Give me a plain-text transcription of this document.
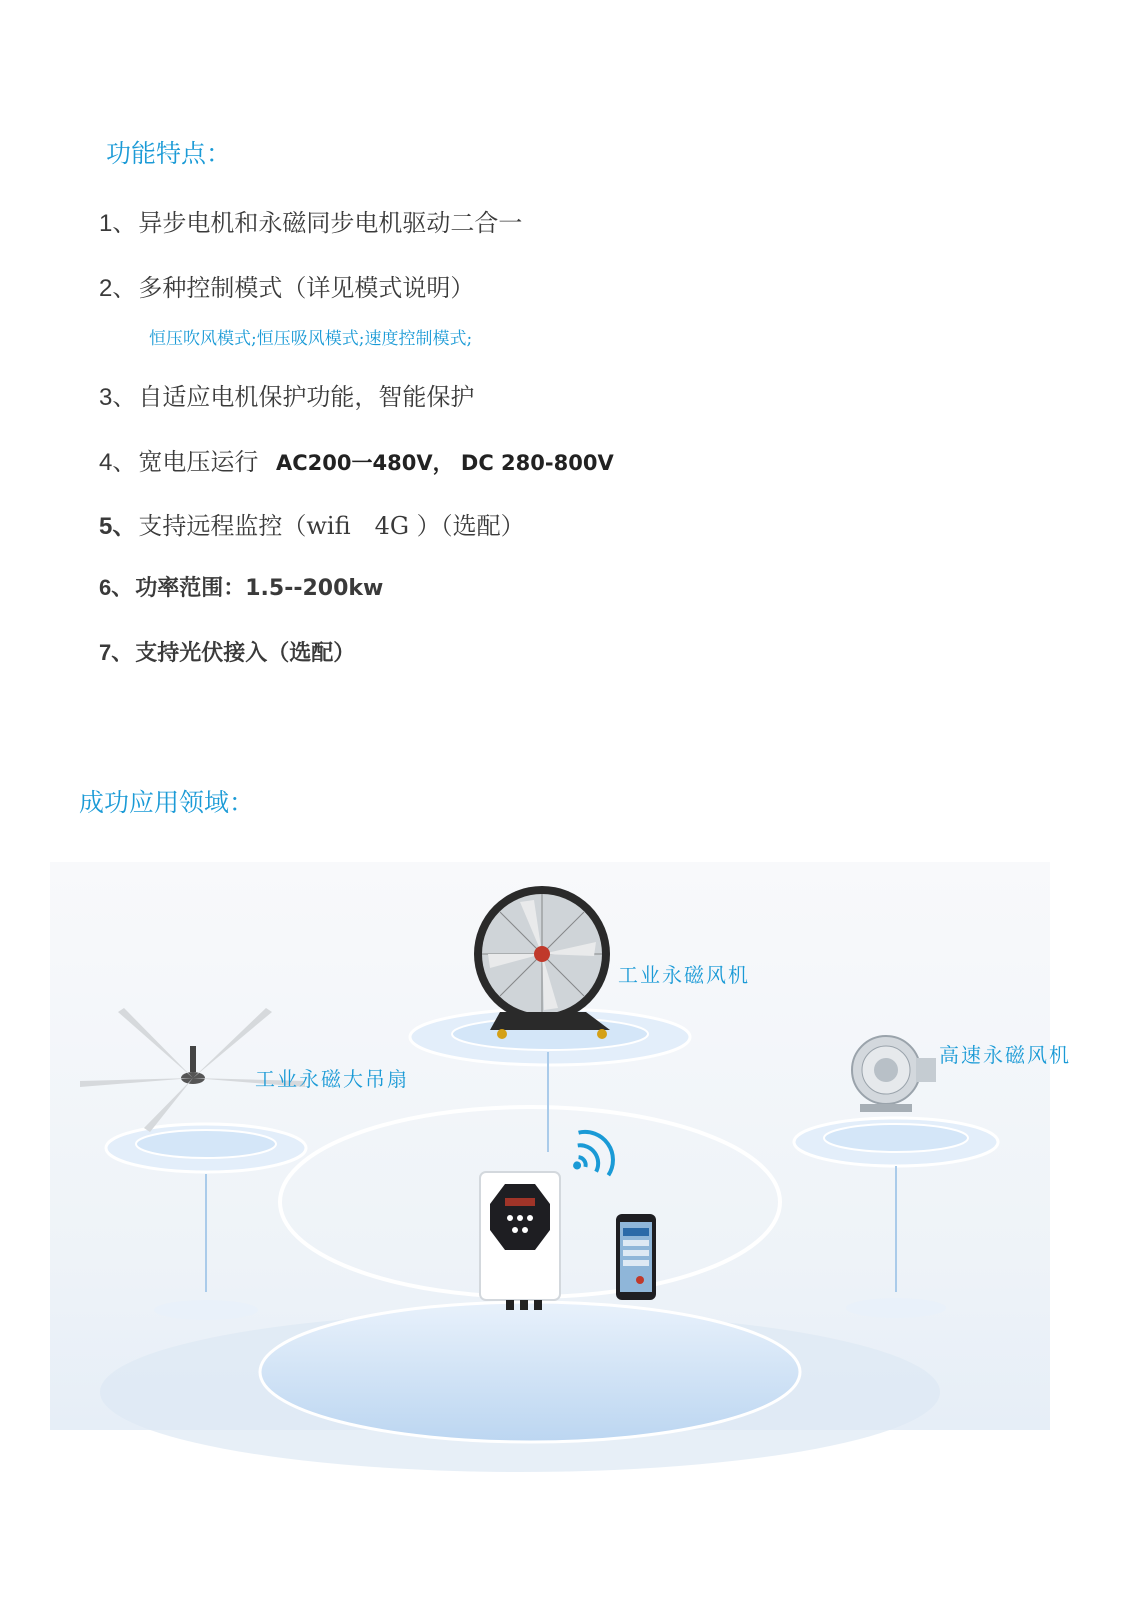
功能特点：
1、异步电机和永磁同步电机驱动二合一
2、多种控制模式（详见模式说明）
恒压吹风模式;恒压吸风模式;速度控制模式;
3、自适应电机保护功能，智能保护
4、宽电压运行 AC200一480V， DC 280-800V
5、支持远程监控（wifi　4G ）（选配）
6、功率范围：1.5--200kw
7、支持光伏接入（选配）
成功应用领域：
工业永磁风机
工业永磁大吊扇
高速永磁风机
